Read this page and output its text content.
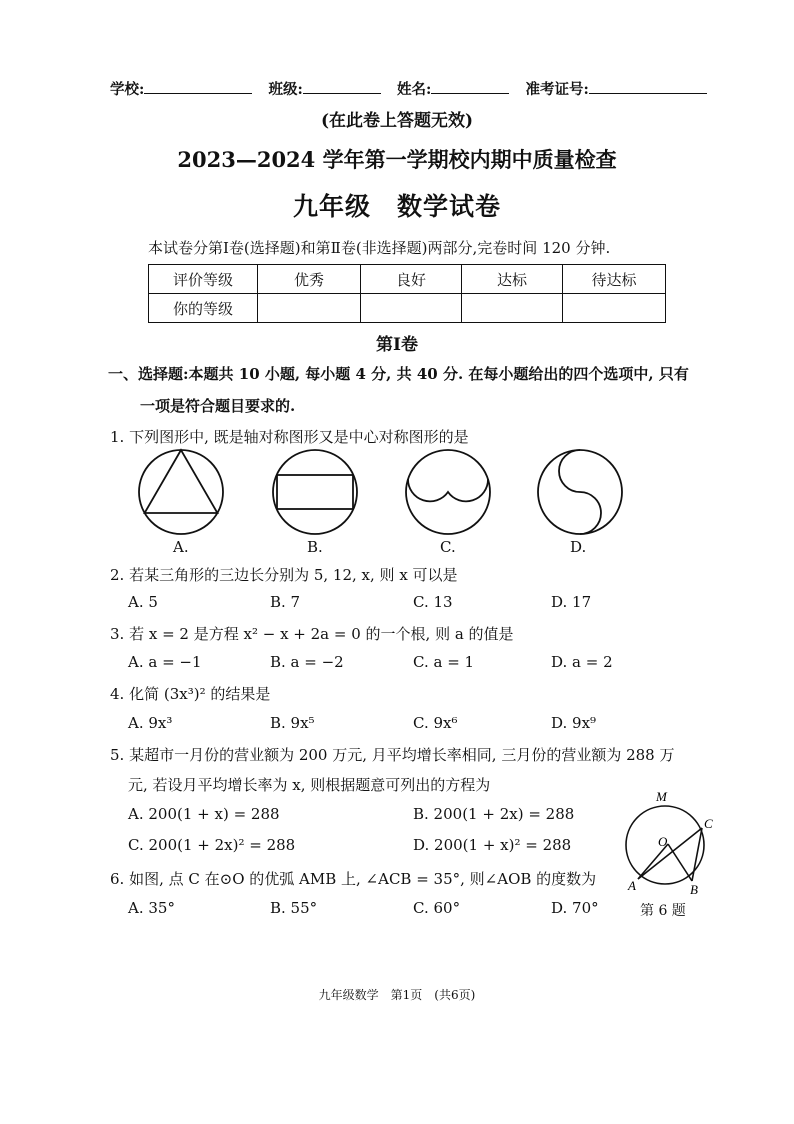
学校:	班级:	姓名:	准考证号:
(在此卷上答题无效)
2023—2024 学年第一学期校内期中质量检查
九年级　数学试卷
本试卷分第Ⅰ卷(选择题)和第Ⅱ卷(非选择题)两部分,完卷时间 120 分钟.
评价等级	优秀	良好	达标	待达标
你的等级				
第Ⅰ卷
一、选择题:本题共 10 小题, 每小题 4 分, 共 40 分. 在每小题给出的四个选项中, 只有
一项是符合题目要求的.
1. 下列图形中, 既是轴对称图形又是中心对称图形的是
A.	B.	C.	D.
2. 若某三角形的三边长分别为 5, 12, x, 则 x 可以是
A. 5	B. 7	C. 13	D. 17
3. 若 x = 2 是方程 x² − x + 2a = 0 的一个根, 则 a 的值是
A. a = −1	B. a = −2	C. a = 1	D. a = 2
4. 化简 (3x³)² 的结果是
A. 9x³	B. 9x⁵	C. 9x⁶	D. 9x⁹
5. 某超市一月份的营业额为 200 万元, 月平均增长率相同, 三月份的营业额为 288 万
元, 若设月平均增长率为 x, 则根据题意可列出的方程为
A. 200(1 + x) = 288	B. 200(1 + 2x) = 288
C. 200(1 + 2x)² = 288	D. 200(1 + x)² = 288
M
O
C
A	B
第 6 题
6. 如图, 点 C 在⊙O 的优弧 AMB 上, ∠ACB = 35°, 则∠AOB 的度数为
A. 35°	B. 55°	C. 60°	D. 70°
九年级数学　第1页　(共6页)
